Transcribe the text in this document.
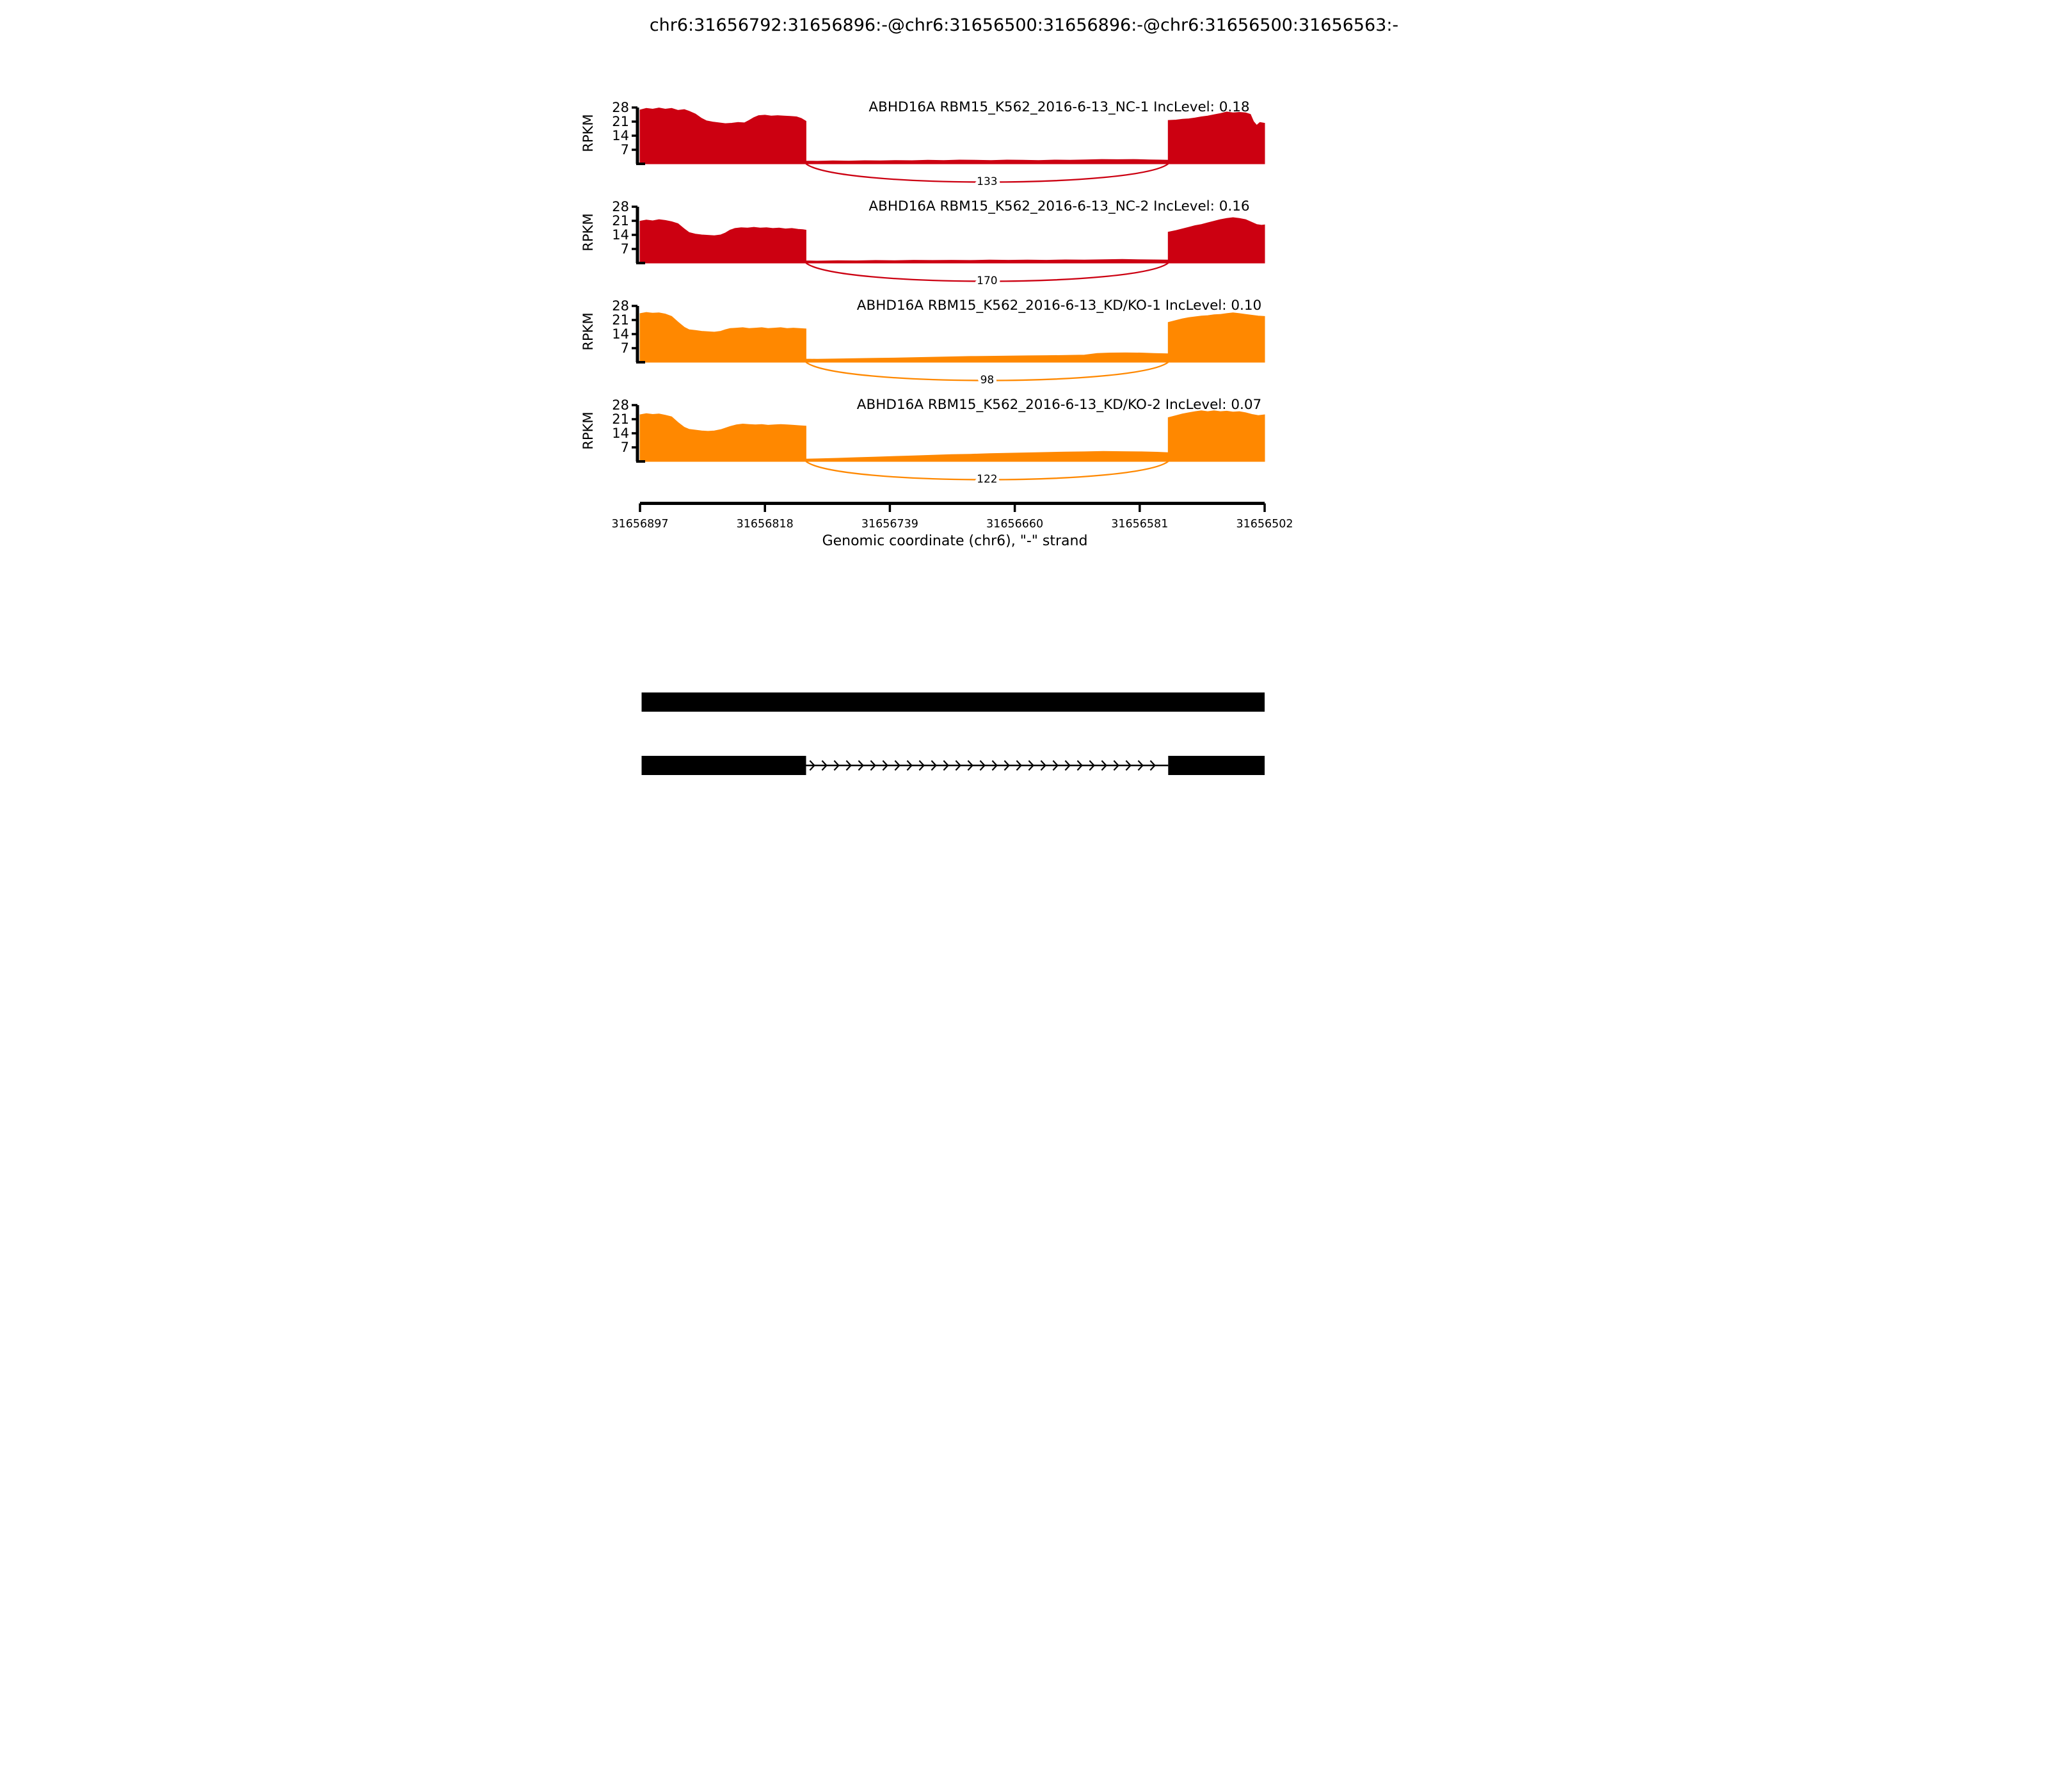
chr6:31656792:31656896:-@chr6:31656500:31656896:-@chr6:31656500:31656563:-
133
7
14
21
28
RPKM
ABHD16A RBM15_K562_2016-6-13_NC-1 IncLevel: 0.18
170
7
14
21
28
RPKM
ABHD16A RBM15_K562_2016-6-13_NC-2 IncLevel: 0.16
98
7
14
21
28
RPKM
ABHD16A RBM15_K562_2016-6-13_KD/KO-1 IncLevel: 0.10
122
7
14
21
28
RPKM
ABHD16A RBM15_K562_2016-6-13_KD/KO-2 IncLevel: 0.07
31656897	31656818	31656739	31656660	31656581	31656502
Genomic coordinate (chr6), "-" strand
